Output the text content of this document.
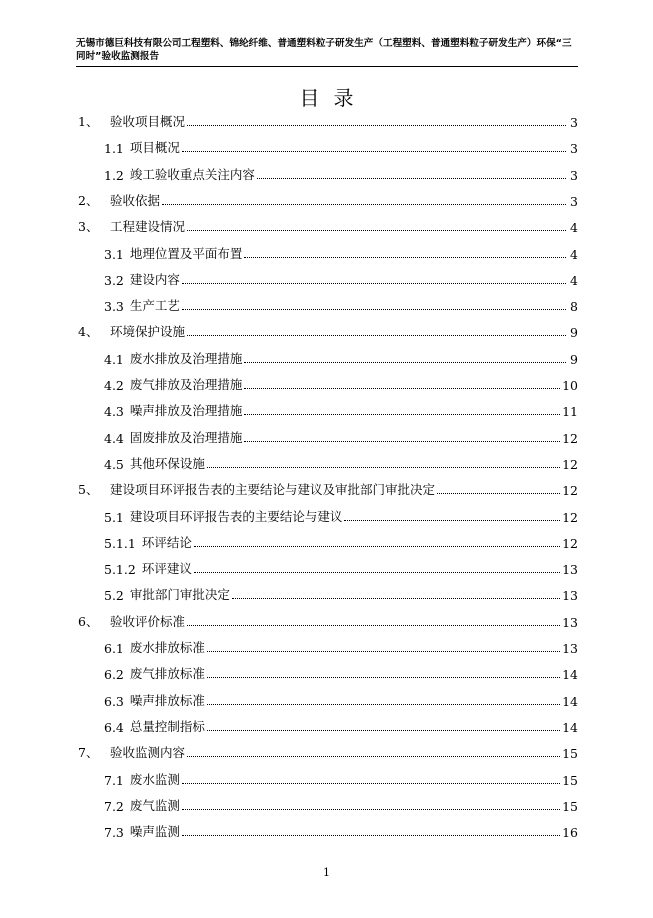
无锡市德巨科技有限公司工程塑料、锦纶纤维、普通塑料粒子研发生产（工程塑料、普通塑料粒子研发生产）环保“三同时”验收监测报告
目录
1、 验收项目概况	3
1.1 项目概况	3
1.2 竣工验收重点关注内容	3
2、 验收依据	3
3、 工程建设情况	4
3.1 地理位置及平面布置	4
3.2 建设内容	4
3.3 生产工艺	8
4、 环境保护设施	9
4.1 废水排放及治理措施	9
4.2 废气排放及治理措施	10
4.3 噪声排放及治理措施	11
4.4 固废排放及治理措施	12
4.5 其他环保设施	12
5、 建设项目环评报告表的主要结论与建议及审批部门审批决定	12
5.1 建设项目环评报告表的主要结论与建议	12
5.1.1 环评结论	12
5.1.2 环评建议	13
5.2 审批部门审批决定	13
6、 验收评价标准	13
6.1 废水排放标准	13
6.2 废气排放标准	14
6.3 噪声排放标准	14
6.4 总量控制指标	14
7、 验收监测内容	15
7.1 废水监测	15
7.2 废气监测	15
7.3 噪声监测	16
1
